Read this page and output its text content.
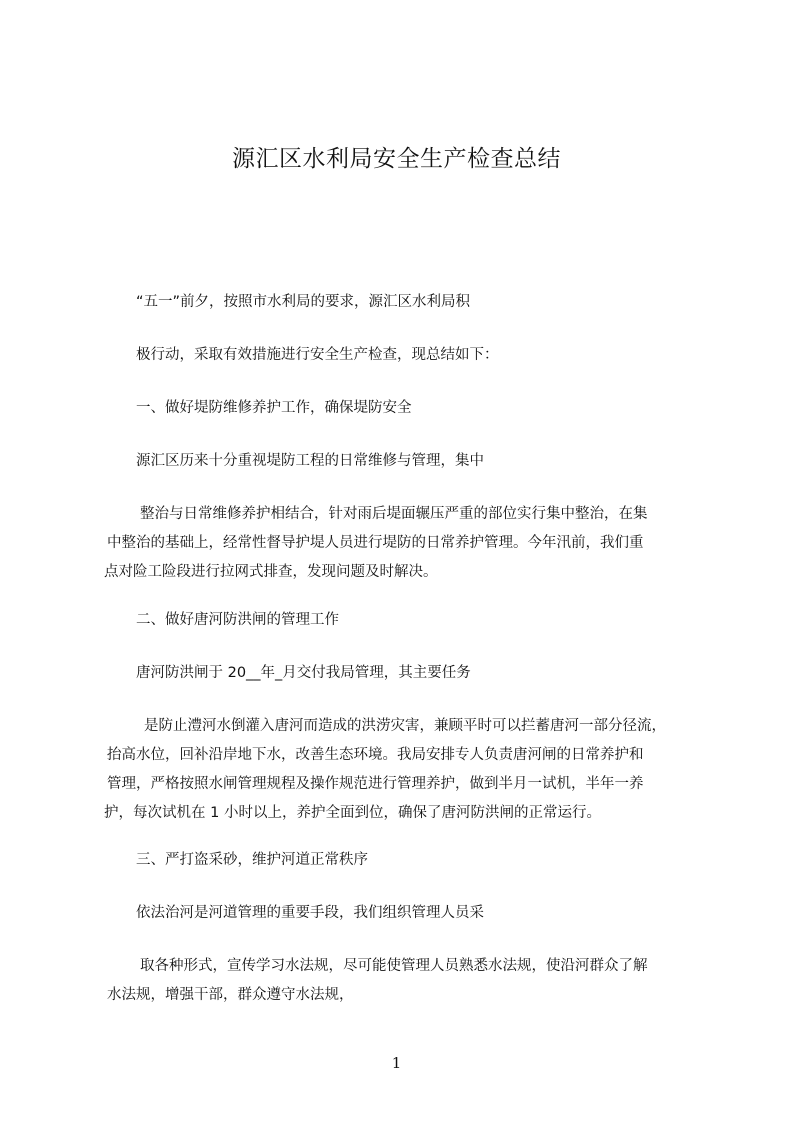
源汇区水利局安全生产检查总结

“五一”前夕，按照市水利局的要求，源汇区水利局积

极行动，采取有效措施进行安全生产检查，现总结如下：

一、做好堤防维修养护工作，确保堤防安全

源汇区历来十分重视堤防工程的日常维修与管理，集中

整治与日常维修养护相结合，针对雨后堤面辗压严重的部位实行集中整治，在集
中整治的基础上，经常性督导护堤人员进行堤防的日常养护管理。今年汛前，我们重
点对险工险段进行拉网式排查，发现问题及时解决。

二、做好唐河防洪闸的管理工作

唐河防洪闸于 20__年_月交付我局管理，其主要任务

是防止澧河水倒灌入唐河而造成的洪涝灾害，兼顾平时可以拦蓄唐河一部分径流，
抬高水位，回补沿岸地下水，改善生态环境。我局安排专人负责唐河闸的日常养护和
管理，严格按照水闸管理规程及操作规范进行管理养护，做到半月一试机，半年一养
护，每次试机在 1 小时以上，养护全面到位，确保了唐河防洪闸的正常运行。

三、严打盗采砂，维护河道正常秩序

依法治河是河道管理的重要手段，我们组织管理人员采

取各种形式，宣传学习水法规，尽可能使管理人员熟悉水法规，使沿河群众了解
水法规，增强干部，群众遵守水法规，
1
